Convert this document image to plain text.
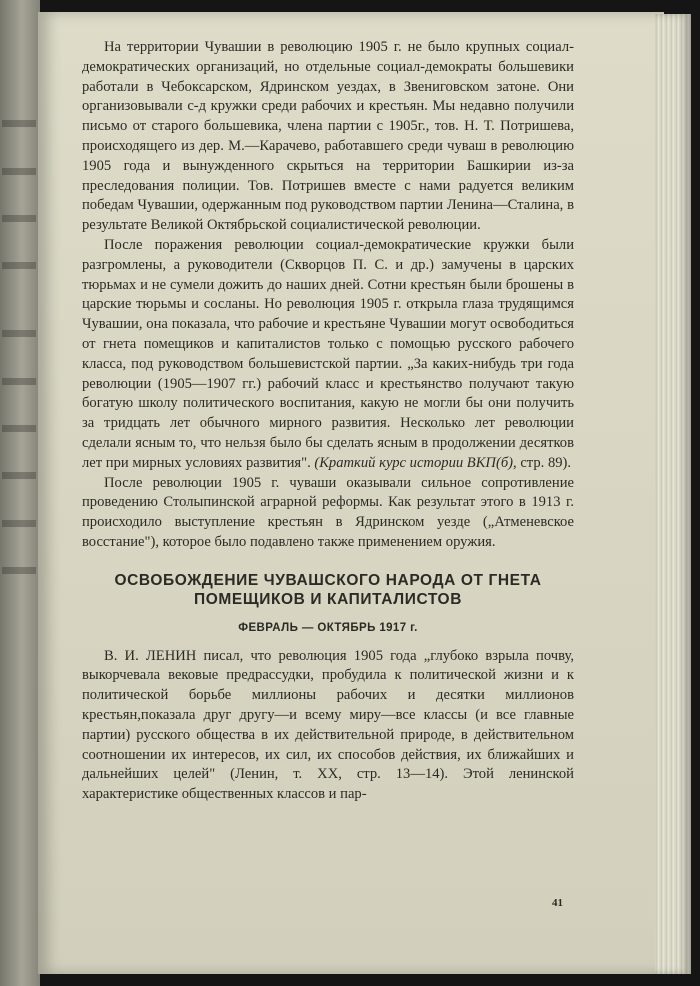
На территории Чувашии в революцию 1905 г. не было крупных социал-демократических организаций, но отдельные социал-демократы большевики работали в Чебоксарском, Ядринском уездах, в Звениговском затоне. Они организовывали с-д кружки среди рабочих и крестьян. Мы недавно получили письмо от старого большевика, члена партии с 1905г., тов. Н. Т. Потришева, происходящего из дер. М.—Карачево, работавшего среди чуваш в революцию 1905 года и вынужденного скрыться на территории Башкирии из-за преследования полиции. Тов. Потришев вместе с нами радуется великим победам Чувашии, одержанным под руководством партии Ленина—Сталина, в результате Великой Октябрьской социалистической революции.

После поражения революции социал-демократические кружки были разгромлены, а руководители (Скворцов П. С. и др.) замучены в царских тюрьмах и не сумели дожить до наших дней. Сотни крестьян были брошены в царские тюрьмы и сосланы. Но революция 1905 г. открыла глаза трудящимся Чувашии, она показала, что рабочие и крестьяне Чувашии могут освободиться от гнета помещиков и капиталистов только с помощью русского рабочего класса, под руководством большевистской партии. „За каких-нибудь три года революции (1905—1907 гг.) рабочий класс и крестьянство получают такую богатую школу политического воспитания, какую не могли бы они получить за тридцать лет обычного мирного развития. Несколько лет революции сделали ясным то, что нельзя было бы сделать ясным в продолжении десятков лет при мирных условиях развития". (Краткий курс истории ВКП(б), стр. 89).

После революции 1905 г. чуваши оказывали сильное сопротивление проведению Столыпинской аграрной реформы. Как результат этого в 1913 г. происходило выступление крестьян в Ядринском уезде („Атменевское восстание"), которое было подавлено также применением оружия.

ОСВОБОЖДЕНИЕ ЧУВАШСКОГО НАРОДА ОТ ГНЕТА
ПОМЕЩИКОВ И КАПИТАЛИСТОВ
ФЕВРАЛЬ — ОКТЯБРЬ 1917 г.

В. И. ЛЕНИН писал, что революция 1905 года „глубоко взрыла почву, выкорчевала вековые предрассудки, пробудила к политической жизни и к политической борьбе миллионы рабочих и десятки миллионов крестьян,показала друг другу—и всему миру—все классы (и все главные партии) русского общества в их действительной природе, в действительном соотношении их интересов, их сил, их способов действия, их ближайших и дальнейших целей" (Ленин, т. XX, стр. 13—14). Этой ленинской характеристике общественных классов и пар-

41
